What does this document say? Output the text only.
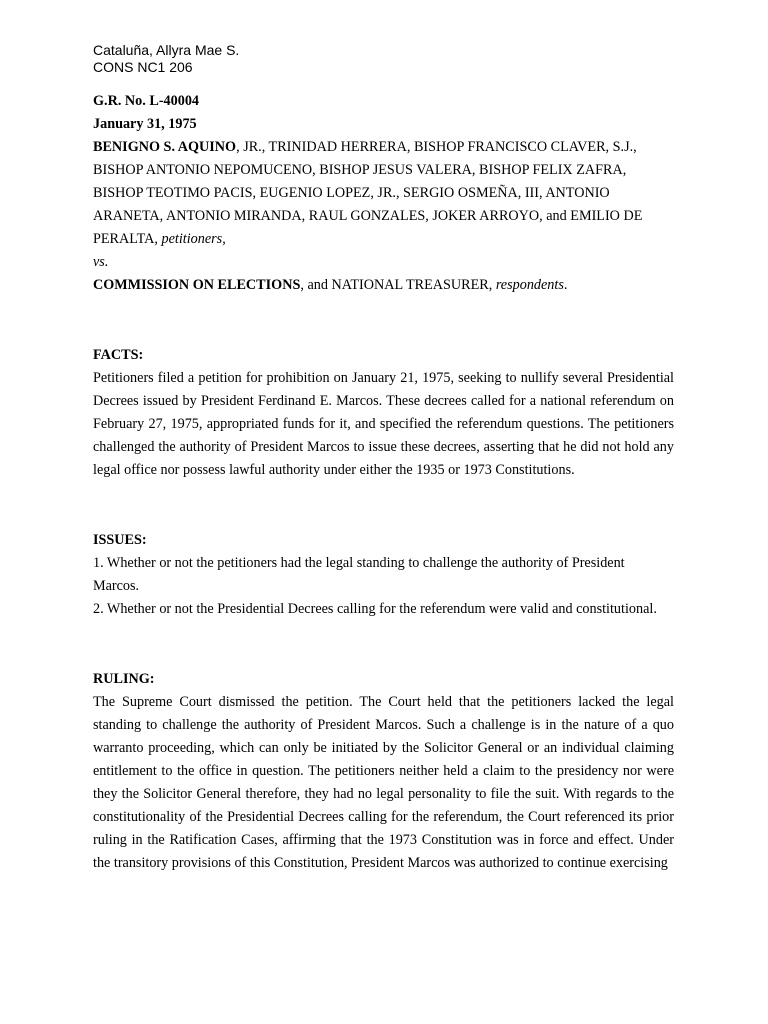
Cataluña, Allyra Mae S.
CONS NC1 206

G.R. No. L-40004

January 31, 1975

BENIGNO S. AQUINO, JR., TRINIDAD HERRERA, BISHOP FRANCISCO CLAVER, S.J., BISHOP ANTONIO NEPOMUCENO, BISHOP JESUS VALERA, BISHOP FELIX ZAFRA, BISHOP TEOTIMO PACIS, EUGENIO LOPEZ, JR., SERGIO OSMEÑA, III, ANTONIO ARANETA, ANTONIO MIRANDA, RAUL GONZALES, JOKER ARROYO, and EMILIO DE PERALTA, petitioners,

vs.

COMMISSION ON ELECTIONS, and NATIONAL TREASURER, respondents.

FACTS:

Petitioners filed a petition for prohibition on January 21, 1975, seeking to nullify several Presidential Decrees issued by President Ferdinand E. Marcos. These decrees called for a national referendum on February 27, 1975, appropriated funds for it, and specified the referendum questions. The petitioners challenged the authority of President Marcos to issue these decrees, asserting that he did not hold any legal office nor possess lawful authority under either the 1935 or 1973 Constitutions.

ISSUES:

1. Whether or not the petitioners had the legal standing to challenge the authority of President Marcos.

2. Whether or not the Presidential Decrees calling for the referendum were valid and constitutional.

RULING:

The Supreme Court dismissed the petition. The Court held that the petitioners lacked the legal standing to challenge the authority of President Marcos. Such a challenge is in the nature of a quo warranto proceeding, which can only be initiated by the Solicitor General or an individual claiming entitlement to the office in question. The petitioners neither held a claim to the presidency nor were they the Solicitor General therefore, they had no legal personality to file the suit. With regards to the constitutionality of the Presidential Decrees calling for the referendum, the Court referenced its prior ruling in the Ratification Cases, affirming that the 1973 Constitution was in force and effect. Under the transitory provisions of this Constitution, President Marcos was authorized to continue exercising
